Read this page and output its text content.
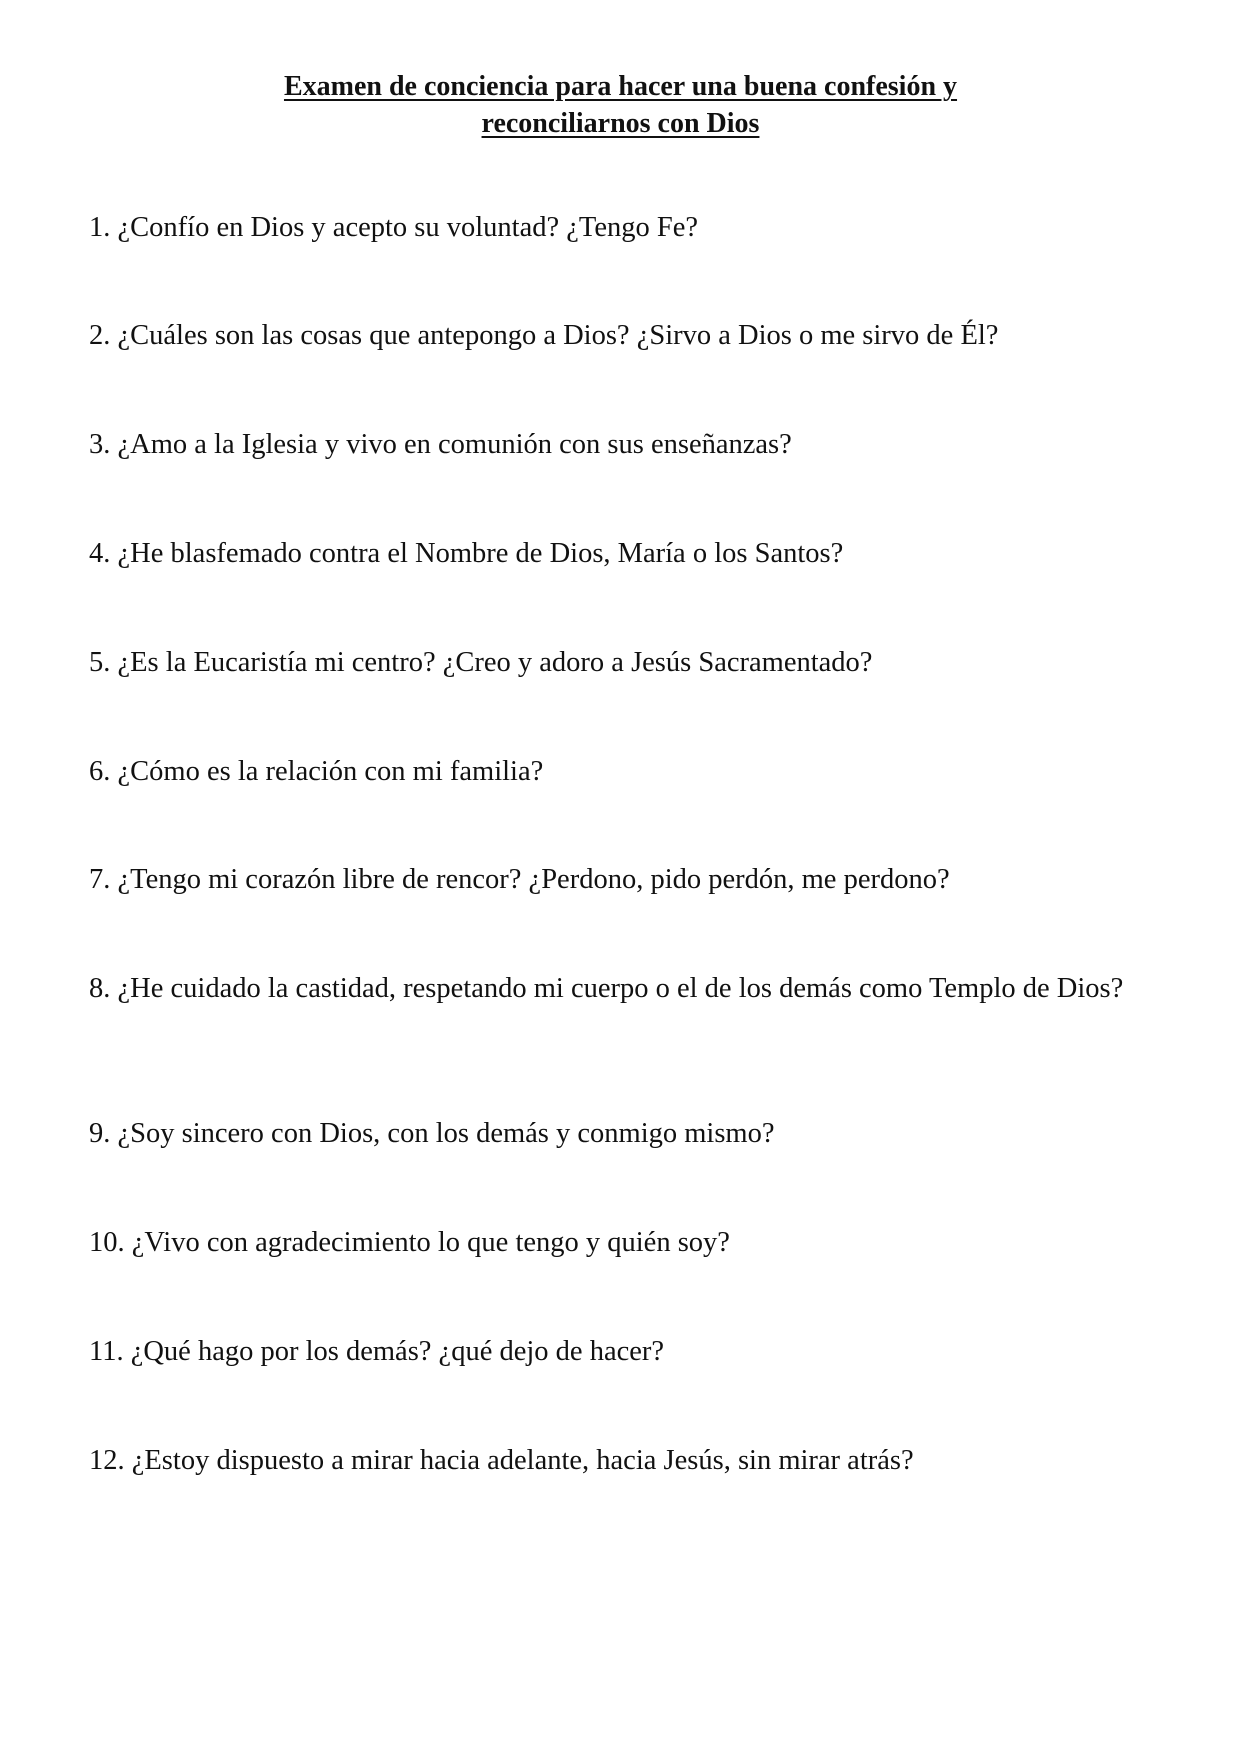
Examen de conciencia para hacer una buena confesión y
reconciliarnos con Dios
1. ¿Confío en Dios y acepto su voluntad? ¿Tengo Fe?
2. ¿Cuáles son las cosas que antepongo a Dios? ¿Sirvo a Dios o me sirvo de Él?
3. ¿Amo a la Iglesia y vivo en comunión con sus enseñanzas?
4. ¿He blasfemado contra el Nombre de Dios, María o los Santos?
5. ¿Es la Eucaristía mi centro? ¿Creo y adoro a Jesús Sacramentado?
6. ¿Cómo es la relación con mi familia?
7. ¿Tengo mi corazón libre de rencor? ¿Perdono, pido perdón, me perdono?
8. ¿He cuidado la castidad, respetando mi cuerpo o el de los demás como Templo de Dios?
9. ¿Soy sincero con Dios, con los demás y conmigo mismo?
10. ¿Vivo con agradecimiento lo que tengo y quién soy?
11. ¿Qué hago por los demás? ¿qué dejo de hacer?
12. ¿Estoy dispuesto a mirar hacia adelante, hacia Jesús, sin mirar atrás?
